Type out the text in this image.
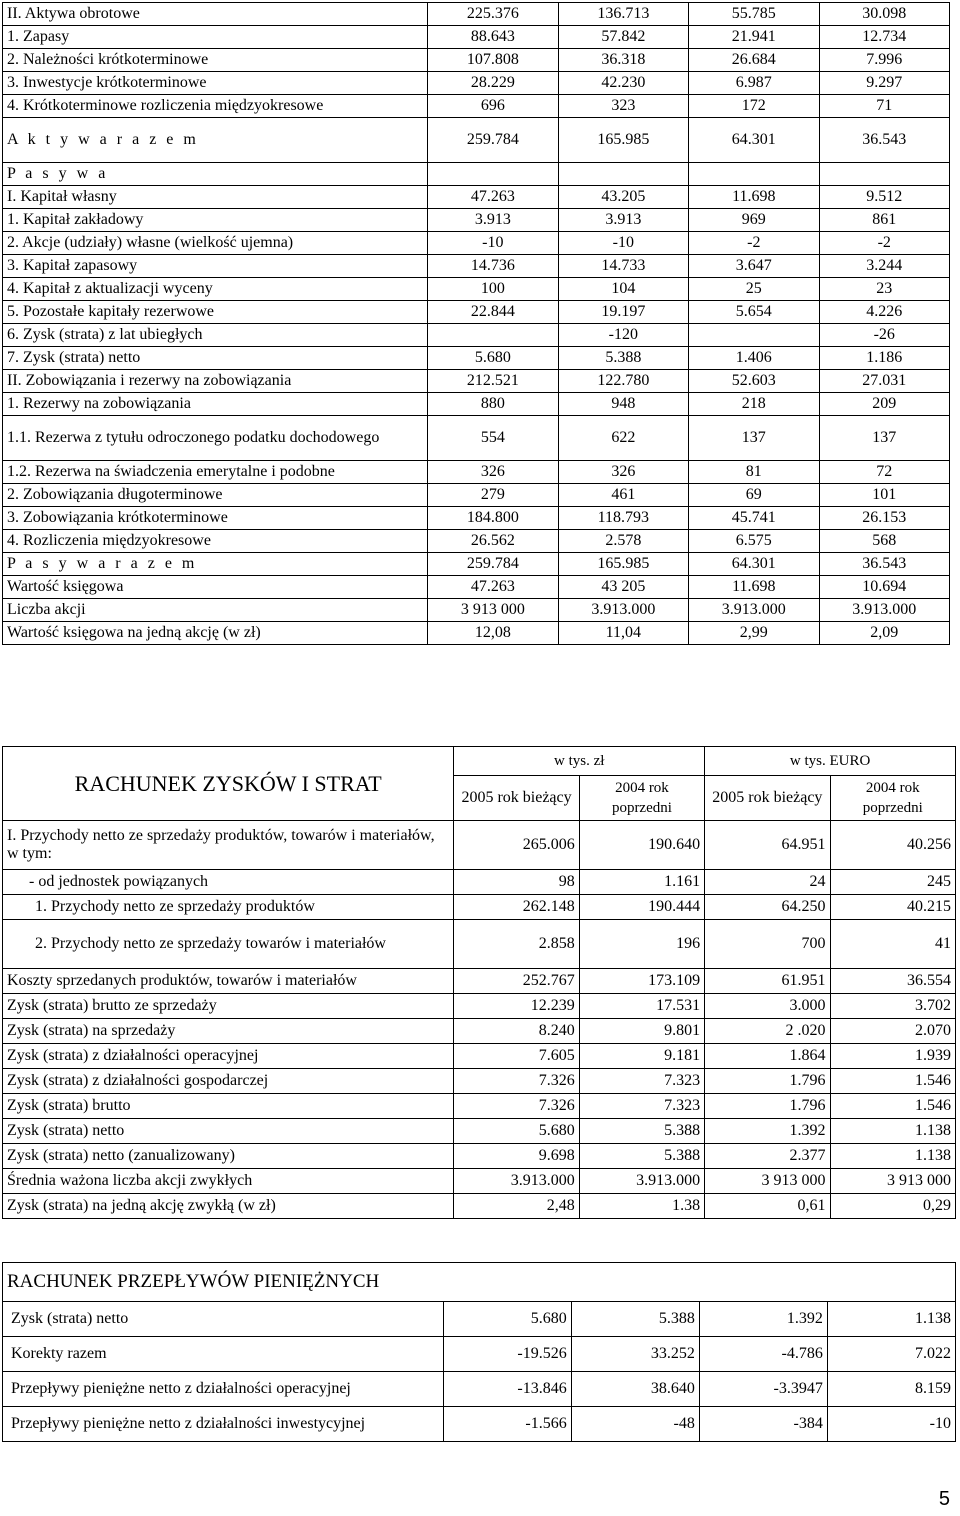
II. Aktywa obrotowe	225.376	136.713	55.785	30.098
1. Zapasy	88.643	57.842	21.941	12.734
2. Należności krótkoterminowe	107.808	36.318	26.684	7.996
3. Inwestycje krótkoterminowe	28.229	42.230	6.987	9.297
4. Krótkoterminowe rozliczenia międzyokresowe	696	323	172	71
A k t y w a r a z e m	259.784	165.985	64.301	36.543
P a s y w a				
I. Kapitał własny	47.263	43.205	11.698	9.512
1. Kapitał zakładowy	3.913	3.913	969	861
2. Akcje (udziały) własne (wielkość ujemna)	-10	-10	-2	-2
3. Kapitał zapasowy	14.736	14.733	3.647	3.244
4. Kapitał z aktualizacji wyceny	100	104	25	23
5. Pozostałe kapitały rezerwowe	22.844	19.197	5.654	4.226
6. Zysk (strata) z lat ubiegłych		-120		-26
7. Zysk (strata) netto	5.680	5.388	1.406	1.186
II. Zobowiązania i rezerwy na zobowiązania	212.521	122.780	52.603	27.031
1. Rezerwy na zobowiązania	880	948	218	209
1.1. Rezerwa z tytułu odroczonego podatku dochodowego	554	622	137	137
1.2. Rezerwa na świadczenia emerytalne i podobne	326	326	81	72
2. Zobowiązania długoterminowe	279	461	69	101
3. Zobowiązania krótkoterminowe	184.800	118.793	45.741	26.153
4. Rozliczenia międzyokresowe	26.562	2.578	6.575	568
P a s y w a r a z e m	259.784	165.985	64.301	36.543
Wartość księgowa	47.263	43 205	11.698	10.694
Liczba akcji	3 913 000	3.913.000	3.913.000	3.913.000
Wartość księgowa na jedną akcję (w zł)	12,08	11,04	2,99	2,09
RACHUNEK ZYSKÓW I STRAT	w tys. zł		w tys. EURO	
	2005 rok bieżący	2004 rok poprzedni	2005 rok bieżący	2004 rok poprzedni
I. Przychody netto ze sprzedaży produktów, towarów i materiałów, w tym:	265.006	190.640	64.951	40.256
- od jednostek powiązanych	98	1.161	24	245
1. Przychody netto ze sprzedaży produktów	262.148	190.444	64.250	40.215
2. Przychody netto ze sprzedaży towarów i materiałów	2.858	196	700	41
Koszty sprzedanych produktów, towarów i materiałów	252.767	173.109	61.951	36.554
Zysk (strata) brutto ze sprzedaży	12.239	17.531	3.000	3.702
Zysk (strata) na sprzedaży	8.240	9.801	2 .020	2.070
Zysk (strata) z działalności operacyjnej	7.605	9.181	1.864	1.939
Zysk (strata) z działalności gospodarczej	7.326	7.323	1.796	1.546
Zysk (strata) brutto	7.326	7.323	1.796	1.546
Zysk (strata) netto	5.680	5.388	1.392	1.138
Zysk (strata) netto (zanualizowany)	9.698	5.388	2.377	1.138
Średnia ważona liczba akcji zwykłych	3.913.000	3.913.000	3 913 000	3 913 000
Zysk (strata) na jedną akcję zwykłą (w zł)	2,48	1.38	0,61	0,29
RACHUNEK PRZEPŁYWÓW PIENIĘŻNYCH				
Zysk (strata) netto	5.680	5.388	1.392	1.138
Korekty razem	-19.526	33.252	-4.786	7.022
Przepływy pieniężne netto z działalności operacyjnej	-13.846	38.640	-3.3947	8.159
Przepływy pieniężne netto z działalności inwestycyjnej	-1.566	-48	-384	-10
5
